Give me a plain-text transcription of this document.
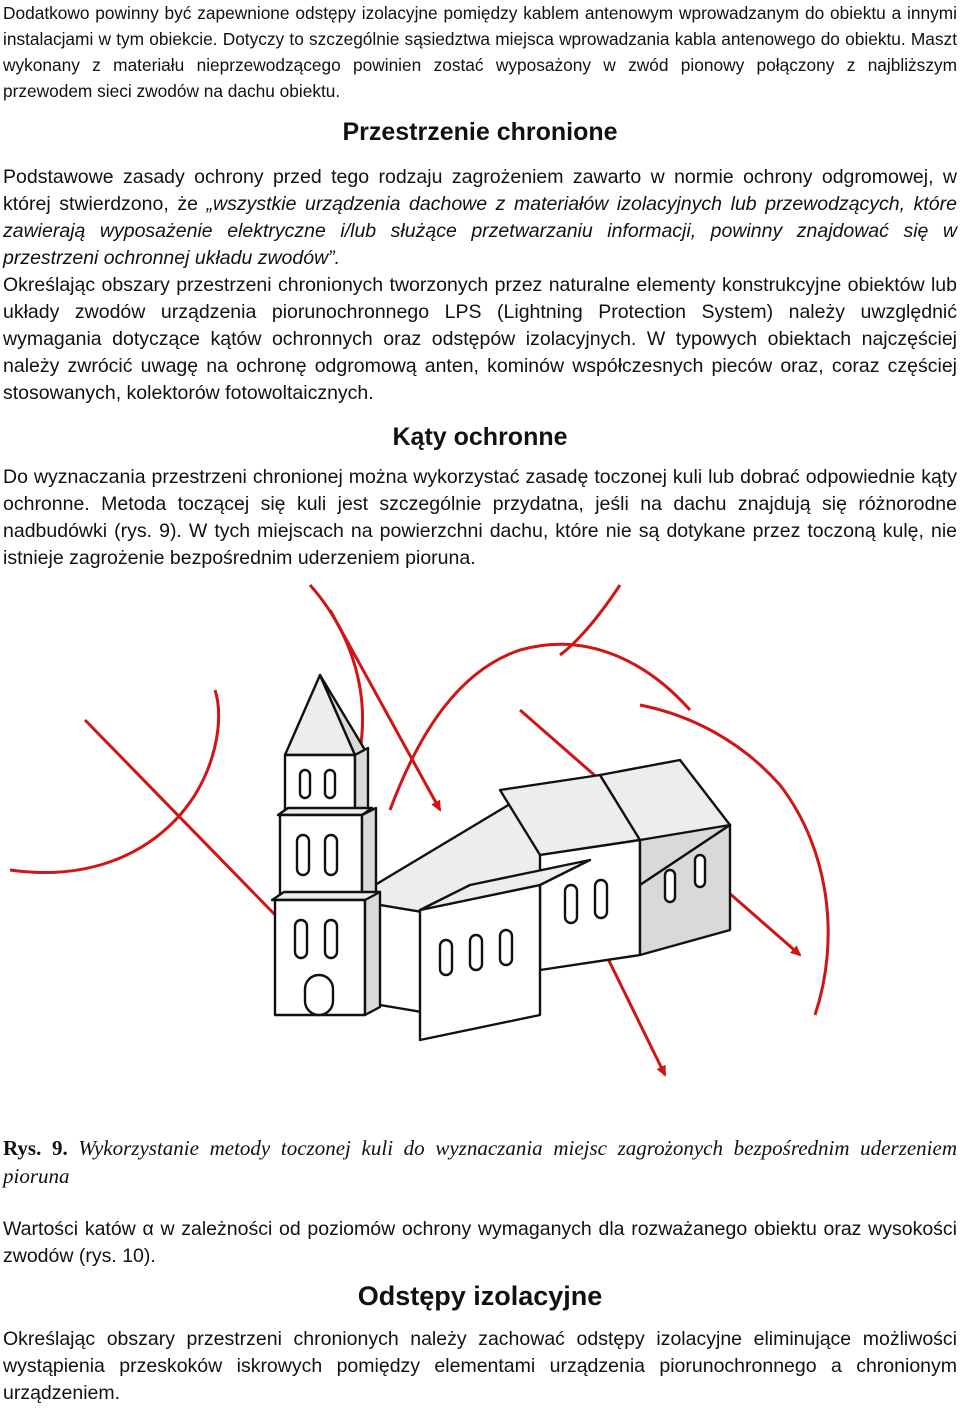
Dodatkowo powinny być zapewnione odstępy izolacyjne pomiędzy kablem antenowym wprowadzanym do obiektu a innymi instalacjami w tym obiekcie. Dotyczy to szczególnie sąsiedztwa miejsca wprowadzania kabla antenowego do obiektu. Maszt wykonany z materiału nieprzewodzącego powinien zostać wyposażony w zwód pionowy połączony z najbliższym przewodem sieci zwodów na dachu obiektu.

Przestrzenie chronione

Podstawowe zasady ochrony przed tego rodzaju zagrożeniem zawarto w normie ochrony odgromowej, w której stwierdzono, że „wszystkie urządzenia dachowe z materiałów izolacyjnych lub przewodzących, które zawierają wyposażenie elektryczne i/lub służące przetwarzaniu informacji, powinny znajdować się w przestrzeni ochronnej układu zwodów”.

Określając obszary przestrzeni chronionych tworzonych przez naturalne elementy konstrukcyjne obiektów lub układy zwodów urządzenia piorunochronnego LPS (Lightning Protection System) należy uwzględnić wymagania dotyczące kątów ochronnych oraz odstępów izolacyjnych. W typowych obiektach najczęściej należy zwrócić uwagę na ochronę odgromową anten, kominów współczesnych pieców oraz, coraz częściej stosowanych, kolektorów fotowoltaicznych.

Kąty ochronne

Do wyznaczania przestrzeni chronionej można wykorzystać zasadę toczonej kuli lub dobrać odpowiednie kąty ochronne. Metoda toczącej się kuli jest szczególnie przydatna, jeśli na dachu znajdują się różnorodne nadbudówki (rys. 9). W tych miejscach na powierzchni dachu, które nie są dotykane przez toczoną kulę, nie istnieje zagrożenie bezpośrednim uderzeniem pioruna.

Rys. 9. Wykorzystanie metody toczonej kuli do wyznaczania miejsc zagrożonych bezpośrednim uderzeniem pioruna

Wartości katów α w zależności od poziomów ochrony wymaganych dla rozważanego obiektu oraz wysokości zwodów (rys. 10).

Odstępy izolacyjne

Określając obszary przestrzeni chronionych należy zachować odstępy izolacyjne eliminujące możliwości wystąpienia przeskoków iskrowych pomiędzy elementami urządzenia piorunochronnego a chronionym urządzeniem.
